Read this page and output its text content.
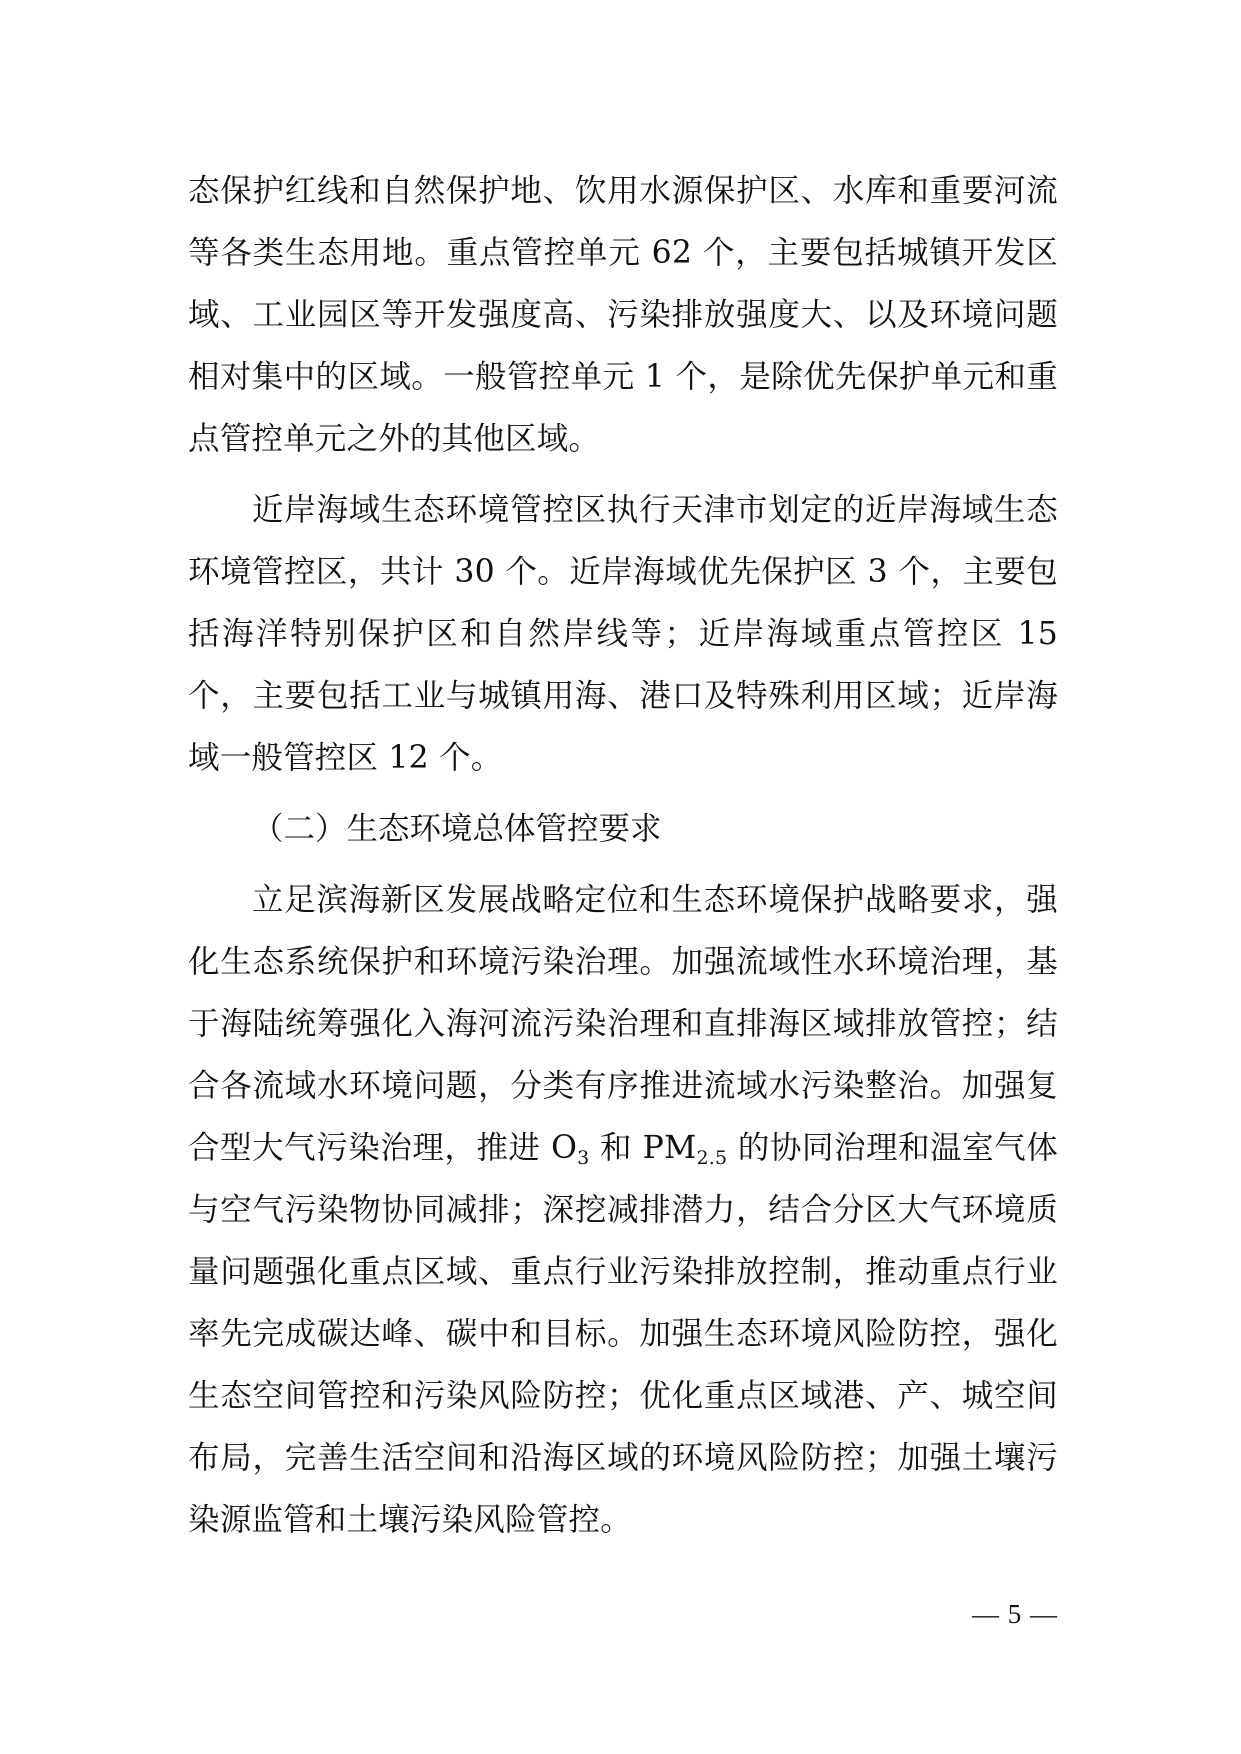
态保护红线和自然保护地、饮用水源保护区、水库和重要河流等各类生态用地。重点管控单元 62 个，主要包括城镇开发区域、工业园区等开发强度高、污染排放强度大、以及环境问题相对集中的区域。一般管控单元 1 个，是除优先保护单元和重点管控单元之外的其他区域。

近岸海域生态环境管控区执行天津市划定的近岸海域生态环境管控区，共计 30 个。近岸海域优先保护区 3 个，主要包括海洋特别保护区和自然岸线等；近岸海域重点管控区 15 个，主要包括工业与城镇用海、港口及特殊利用区域；近岸海域一般管控区 12 个。

（二）生态环境总体管控要求

立足滨海新区发展战略定位和生态环境保护战略要求，强化生态系统保护和环境污染治理。加强流域性水环境治理，基于海陆统筹强化入海河流污染治理和直排海区域排放管控；结合各流域水环境问题，分类有序推进流域水污染整治。加强复合型大气污染治理，推进 $O_3$ 和 $PM_{2.5}$ 的协同治理和温室气体与空气污染物协同减排；深挖减排潜力，结合分区大气环境质量问题强化重点区域、重点行业污染排放控制，推动重点行业率先完成碳达峰、碳中和目标。加强生态环境风险防控，强化生态空间管控和污染风险防控；优化重点区域港、产、城空间布局，完善生活空间和沿海区域的环境风险防控；加强土壤污染源监管和土壤污染风险管控。

— 5 —
